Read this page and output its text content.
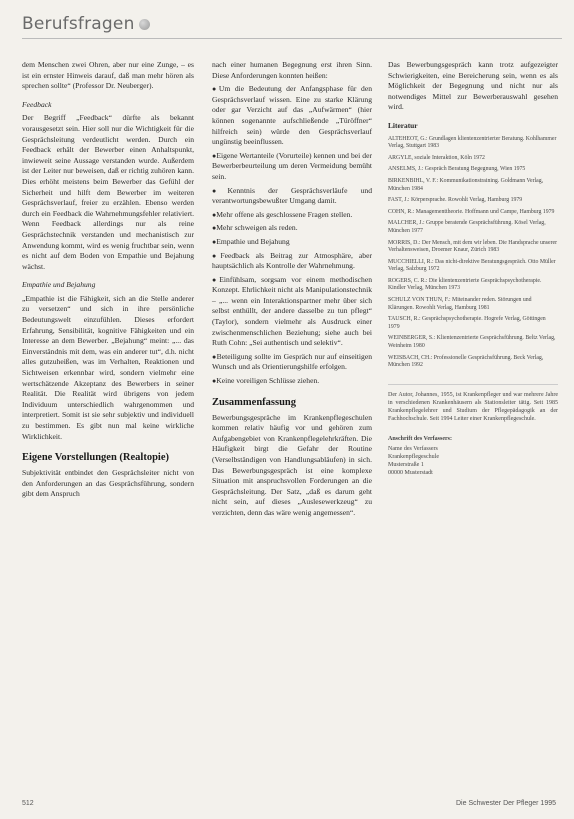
Berufsfragen

dem Menschen zwei Ohren, aber nur eine Zunge, – es ist ein ernster Hinweis darauf, daß man mehr hören als sprechen sollte“ (Professor Dr. Neuberger).

Feedback

Der Begriff „Feedback“ dürfte als bekannt vorausgesetzt sein. Hier soll nur die Wichtigkeit für die Gesprächsleitung verdeutlicht werden. Durch ein Feedback erhält der Bewerber einen Anhaltspunkt, inwieweit seine Aussage verstanden wurde. Außerdem ist der Leiter nur beweisen, daß er richtig zuhören kann. Dies erhöht meistens beim Bewerber das Gefühl der Sicherheit und hilft dem Bewerber im weiteren Gesprächsverlauf, freier zu erzählen. Ebenso werden durch ein Feedback die Wahrnehmungsfehler relativiert. Wenn Feedback allerdings nur als reine Gesprächstechnik verstanden und mechanistisch zur Anwendung kommt, wird es wenig fruchtbar sein, wenn es nicht auf dem Boden von Empathie und Bejahung wächst.

Empathie und Bejahung

„Empathie ist die Fähigkeit, sich an die Stelle anderer zu versetzen“ und sich in ihre persönliche Bedeutungswelt einzufühlen. Dieses erfordert Erfahrung, Sensibilität, kognitive Fähigkeiten und ein Interesse an dem Bewerber. „Bejahung“ meint: „... das Einverständnis mit dem, was ein anderer tut“, d.h. nicht alles gutzuheißen, was im Verhalten, Reaktionen und Sichtweisen erkennbar wird, sondern vielmehr eine wertschätzende Akzeptanz des Bewerbers in seiner Realität. Die Realität wird übrigens von jedem Individuum unterschiedlich wahrgenommen und interpretiert. Somit ist sie sehr subjektiv und individuell zu bestimmen. Es gibt nun mal keine wirkliche Wirklichkeit.

Eigene Vorstellungen (Realtopie)

Subjektivität entbindet den Gesprächsleiter nicht von den Anforderungen an das Gesprächsführung, sondern gibt dem Anspruch

nach einer humanen Begegnung erst ihren Sinn. Diese Anforderungen konnten heißen:

● Um die Bedeutung der Anfangsphase für den Gesprächsverlauf wissen. Eine zu starke Klärung oder gar Verzicht auf das „Aufwärmen“ (hier können sogenannte aufschließende „Türöffner“ hilfreich sein) würde den Gesprächsverlauf ungünstig beeinflussen.

● Eigene Wertanteile (Vorurteile) kennen und bei der Bewerberbeurteilung um deren Vermeidung bemüht sein.

● Kenntnis der Gesprächsverläufe und verantwortungsbewußter Umgang damit.

● Mehr offene als geschlossene Fragen stellen.

● Mehr schweigen als reden.

● Empathie und Bejahung

● Feedback als Beitrag zur Atmosphäre, aber hauptsächlich als Kontrolle der Wahrnehmung.

● Einfühlsam, sorgsam vor einem methodischen Konzept. Ehrlichkeit nicht als Manipulationstechnik – „... wenn ein Interaktionspartner mehr über sich selbst enthüllt, der andere dasselbe zu tun pflegt“ (Taylor), sondern vielmehr als Ausdruck einer zwischenmenschlichen Beziehung; siehe auch bei Ruth Cohn: „Sei authentisch und selektiv“.

● Beteiligung sollte im Gespräch nur auf einseitigen Wunsch und als Orientierungshilfe erfolgen.

● Keine voreiligen Schlüsse ziehen.

Zusammenfassung

Bewerbungsgespräche im Krankenpflegeschulen kommen relativ häufig vor und gehören zum Aufgabengebiet von Krankenpflegelehrkräften. Die Häufigkeit birgt die Gefahr der Routine (Verselbständigen von Handlungsabläufen) in sich. Das Bewerbungsgespräch ist eine komplexe Situation mit anspruchsvollen Forderungen an die Gesprächsleitung. Der Satz, „daß es darum geht nicht sein, auf dieses „Auslesewerkzeug“ zu verzichten, denn das wäre wenig angemessen“.

Das Bewerbungsgespräch kann trotz aufgezeigter Schwierigkeiten, eine Bereicherung sein, wenn es als Möglichkeit der Begegnung und nicht nur als notwendiges Mittel zur Bewerberauswahl gesehen wird.

Literatur

ALTEHEOT, G.: Grundlagen klientenzentrierter Beratung. Kohlhammer Verlag, Stuttgart 1983

ARGYLE, soziale Interaktion, Köln 1972

ANSELMS, J.: Gespräch Beratung Begegnung, Wien 1975

BIRKENBIHL, V. F.: Kommunikationstraining. Goldmann Verlag, München 1984

FAST, J.: Körpersprache. Rowohlt Verlag, Hamburg 1979

COHN, R.: Managementtheorie. Hoffmann und Campe, Hamburg 1979

MALCHER, J.: Gruppe beratende Gesprächsführung. Kösel Verlag, München 1977

MORRIS, D.: Der Mensch, mit dem wir leben. Die Handsprache unserer Verhaltensweisen, Droemer Knaur, Zürich 1983

MUCCHIELLI, R.: Das nicht-direktive Beratungsgespräch. Otto Müller Verlag, Salzburg 1972

ROGERS, C. R.: Die klientenzentrierte Gesprächspsychotherapie. Kindler Verlag, München 1973

SCHULZ VON THUN, F.: Miteinander reden. Störungen und Klärungen. Rowohlt Verlag, Hamburg 1981

TAUSCH, R.: Gesprächspsychotherapie. Hogrefe Verlag, Göttingen 1979

WEINBERGER, S.: Klientenzentrierte Gesprächsführung. Beltz Verlag, Weinheim 1980

WEISBACH, CH.: Professionelle Gesprächsführung. Beck Verlag, München 1992

Der Autor, Johannes, 1955, ist Krankenpfleger und war mehrere Jahre in verschiedenen Krankenhäusern als Stationsleiter tätig. Seit 1985 Krankenpflegelehrer und Studium der Pflegepädagogik an der Fachhochschule. Seit 1994 Leiter einer Krankenpflegeschule.

Anschrift des Verfassers:
Name des Verfassers
Krankenpflegeschule
Musterstraße 1
00000 Musterstadt
512	Die Schwester Der Pfleger 1995
